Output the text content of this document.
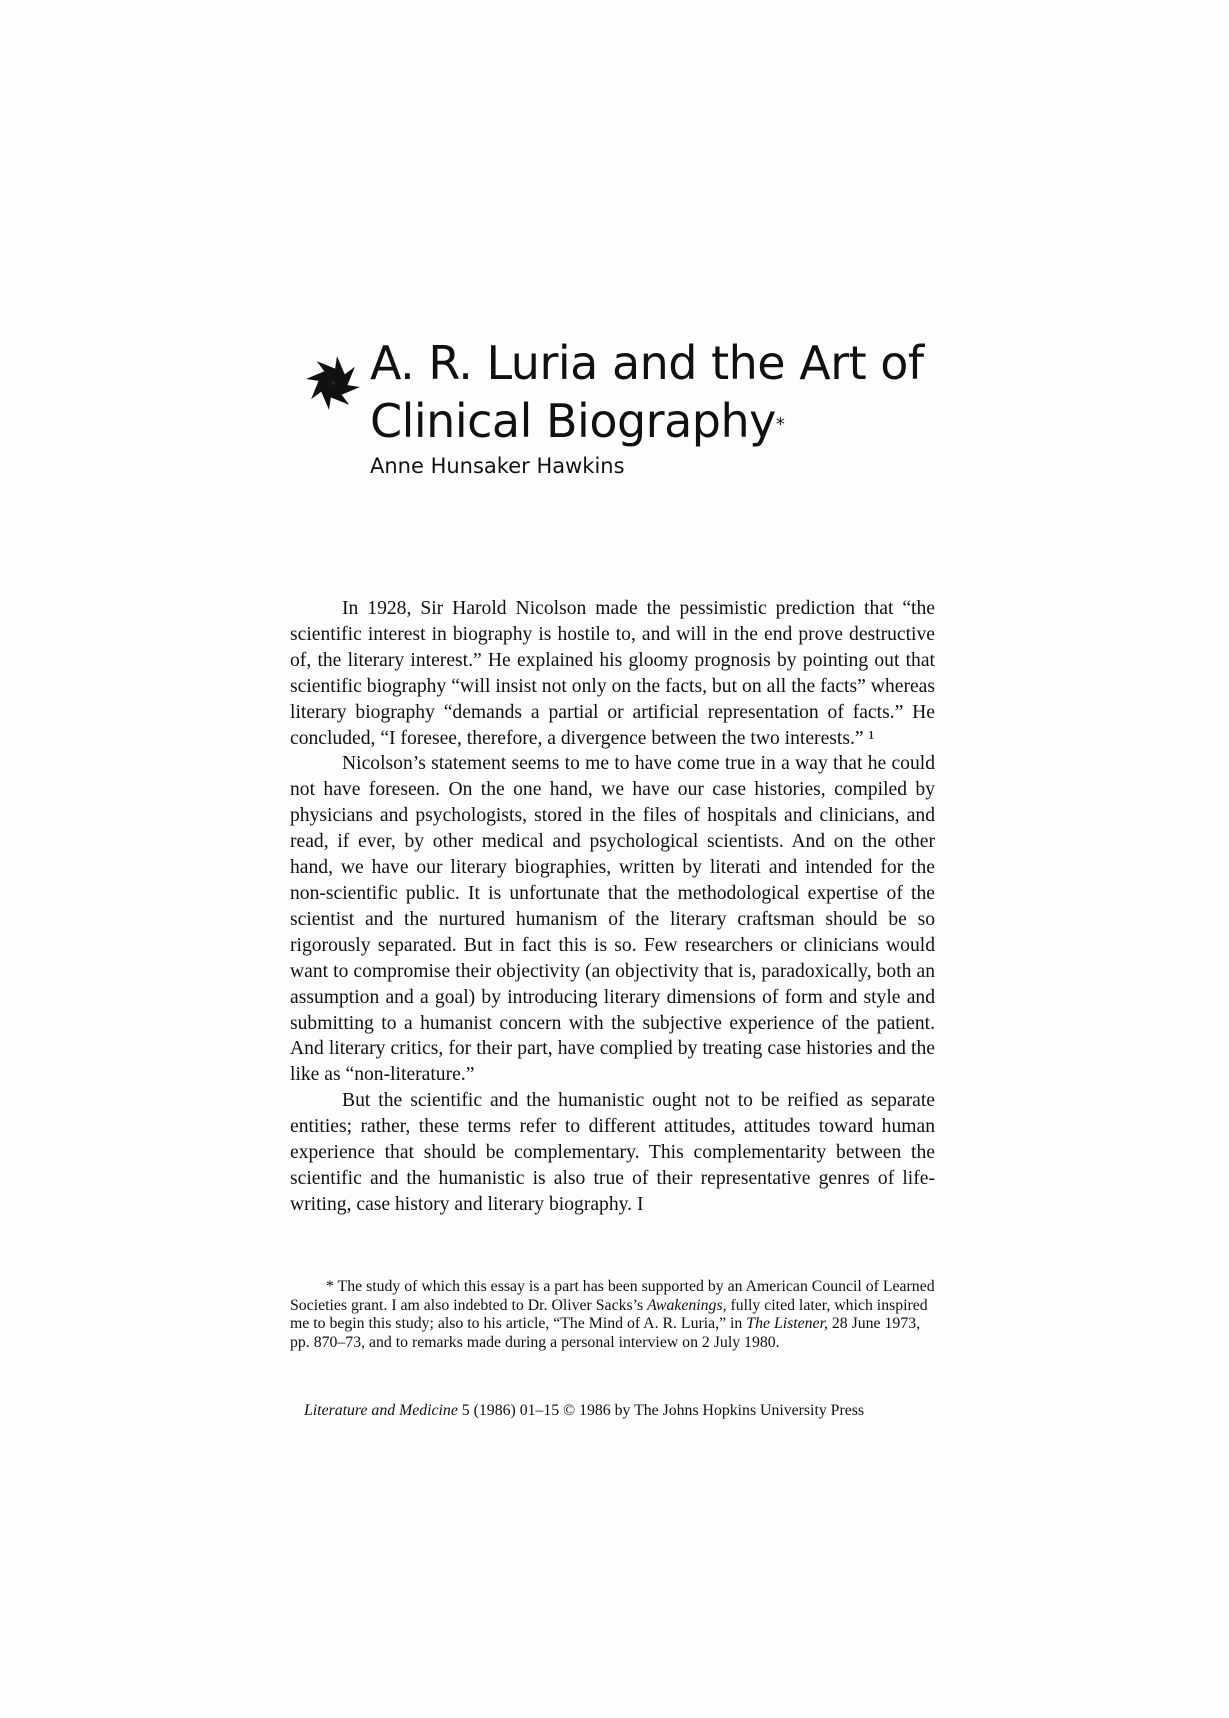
A. R. Luria and the Art of
Clinical Biography*

Anne Hunsaker Hawkins

In 1928, Sir Harold Nicolson made the pessimistic prediction that “the scientific interest in biography is hostile to, and will in the end prove destructive of, the literary interest.” He explained his gloomy prognosis by pointing out that scientific biography “will insist not only on the facts, but on all the facts” whereas literary biography “demands a partial or artificial representation of facts.” He concluded, “I foresee, therefore, a divergence between the two interests.” ¹

Nicolson’s statement seems to me to have come true in a way that he could not have foreseen. On the one hand, we have our case histories, compiled by physicians and psychologists, stored in the files of hospitals and clinicians, and read, if ever, by other medical and psychological scientists. And on the other hand, we have our literary biographies, written by literati and intended for the non-scientific public. It is unfortunate that the methodological expertise of the scientist and the nurtured humanism of the literary craftsman should be so rigorously separated. But in fact this is so. Few researchers or clinicians would want to compromise their objectivity (an objectivity that is, paradoxically, both an assumption and a goal) by introducing literary dimensions of form and style and submitting to a humanist concern with the subjective experience of the patient. And literary critics, for their part, have complied by treating case histories and the like as “non-literature.”

But the scientific and the humanistic ought not to be reified as separate entities; rather, these terms refer to different attitudes, attitudes toward human experience that should be complementary. This complementarity between the scientific and the humanistic is also true of their representative genres of life-writing, case history and literary biography. I

* The study of which this essay is a part has been supported by an American Council of Learned Societies grant. I am also indebted to Dr. Oliver Sacks’s Awakenings, fully cited later, which inspired me to begin this study; also to his article, “The Mind of A. R. Luria,” in The Listener, 28 June 1973, pp. 870–73, and to remarks made during a personal interview on 2 July 1980.

Literature and Medicine 5 (1986) 01–15 © 1986 by The Johns Hopkins University Press
